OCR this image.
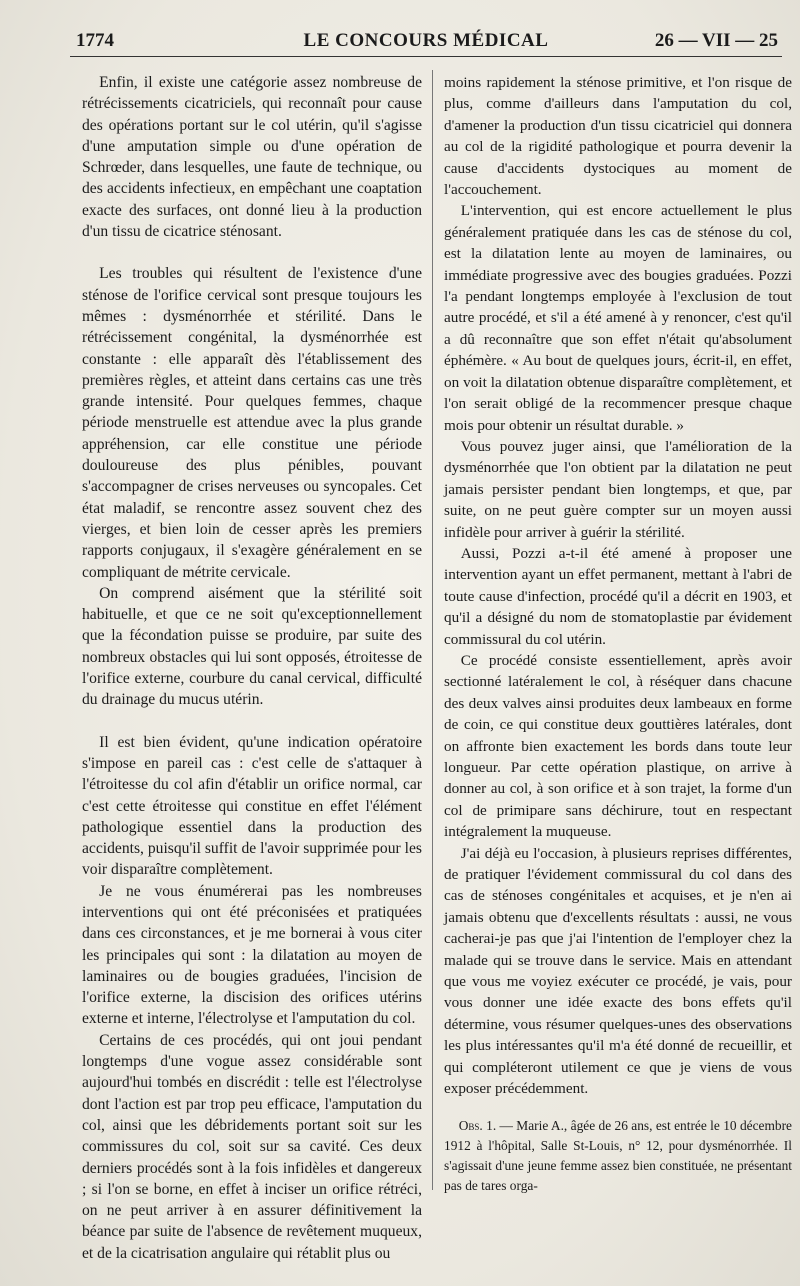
1774	LE CONCOURS MÉDICAL	26 — VII — 25

Enfin, il existe une catégorie assez nombreuse de rétrécissements cicatriciels, qui reconnaît pour cause des opérations portant sur le col utérin, qu'il s'agisse d'une amputation simple ou d'une opération de Schrœder, dans lesquelles, une faute de technique, ou des accidents infectieux, en empêchant une coaptation exacte des surfaces, ont donné lieu à la production d'un tissu de cicatrice sténosant.

Les troubles qui résultent de l'existence d'une sténose de l'orifice cervical sont presque toujours les mêmes : dysménorrhée et stérilité. Dans le rétrécissement congénital, la dysménorrhée est constante : elle apparaît dès l'établissement des premières règles, et atteint dans certains cas une très grande intensité. Pour quelques femmes, chaque période menstruelle est attendue avec la plus grande appréhension, car elle constitue une période douloureuse des plus pénibles, pouvant s'accompagner de crises nerveuses ou syncopales. Cet état maladif, se rencontre assez souvent chez des vierges, et bien loin de cesser après les premiers rapports conjugaux, il s'exagère généralement en se compliquant de métrite cervicale.

On comprend aisément que la stérilité soit habituelle, et que ce ne soit qu'exceptionnellement que la fécondation puisse se produire, par suite des nombreux obstacles qui lui sont opposés, étroitesse de l'orifice externe, courbure du canal cervical, difficulté du drainage du mucus utérin.

Il est bien évident, qu'une indication opératoire s'impose en pareil cas : c'est celle de s'attaquer à l'étroitesse du col afin d'établir un orifice normal, car c'est cette étroitesse qui constitue en effet l'élément pathologique essentiel dans la production des accidents, puisqu'il suffit de l'avoir supprimée pour les voir disparaître complètement.

Je ne vous énumérerai pas les nombreuses interventions qui ont été préconisées et pratiquées dans ces circonstances, et je me bornerai à vous citer les principales qui sont : la dilatation au moyen de laminaires ou de bougies graduées, l'incision de l'orifice externe, la discision des orifices utérins externe et interne, l'électrolyse et l'amputation du col.

Certains de ces procédés, qui ont joui pendant longtemps d'une vogue assez considérable sont aujourd'hui tombés en discrédit : telle est l'électrolyse dont l'action est par trop peu efficace, l'amputation du col, ainsi que les débridements portant soit sur les commissures du col, soit sur sa cavité. Ces deux derniers procédés sont à la fois infidèles et dangereux ; si l'on se borne, en effet à inciser un orifice rétréci, on ne peut arriver à en assurer définitivement la béance par suite de l'absence de revêtement muqueux, et de la cicatrisation angulaire qui rétablit plus ou

moins rapidement la sténose primitive, et l'on risque de plus, comme d'ailleurs dans l'amputation du col, d'amener la production d'un tissu cicatriciel qui donnera au col de la rigidité pathologique et pourra devenir la cause d'accidents dystociques au moment de l'accouchement.

L'intervention, qui est encore actuellement le plus généralement pratiquée dans les cas de sténose du col, est la dilatation lente au moyen de laminaires, ou immédiate progressive avec des bougies graduées. Pozzi l'a pendant longtemps employée à l'exclusion de tout autre procédé, et s'il a été amené à y renoncer, c'est qu'il a dû reconnaître que son effet n'était qu'absolument éphémère. « Au bout de quelques jours, écrit-il, en effet, on voit la dilatation obtenue disparaître complètement, et l'on serait obligé de la recommencer presque chaque mois pour obtenir un résultat durable. »

Vous pouvez juger ainsi, que l'amélioration de la dysménorrhée que l'on obtient par la dilatation ne peut jamais persister pendant bien longtemps, et que, par suite, on ne peut guère compter sur un moyen aussi infidèle pour arriver à guérir la stérilité.

Aussi, Pozzi a-t-il été amené à proposer une intervention ayant un effet permanent, mettant à l'abri de toute cause d'infection, procédé qu'il a décrit en 1903, et qu'il a désigné du nom de stomatoplastie par évidement commissural du col utérin.

Ce procédé consiste essentiellement, après avoir sectionné latéralement le col, à réséquer dans chacune des deux valves ainsi produites deux lambeaux en forme de coin, ce qui constitue deux gouttières latérales, dont on affronte bien exactement les bords dans toute leur longueur. Par cette opération plastique, on arrive à donner au col, à son orifice et à son trajet, la forme d'un col de primipare sans déchirure, tout en respectant intégralement la muqueuse.

J'ai déjà eu l'occasion, à plusieurs reprises différentes, de pratiquer l'évidement commissural du col dans des cas de sténoses congénitales et acquises, et je n'en ai jamais obtenu que d'excellents résultats : aussi, ne vous cacherai-je pas que j'ai l'intention de l'employer chez la malade qui se trouve dans le service. Mais en attendant que vous me voyiez exécuter ce procédé, je vais, pour vous donner une idée exacte des bons effets qu'il détermine, vous résumer quelques-unes des observations les plus intéressantes qu'il m'a été donné de recueillir, et qui compléteront utilement ce que je viens de vous exposer précédemment.

Obs. 1. — Marie A., âgée de 26 ans, est entrée le 10 décembre 1912 à l'hôpital, Salle St-Louis, n° 12, pour dysménorrhée. Il s'agissait d'une jeune femme assez bien constituée, ne présentant pas de tares orga-
